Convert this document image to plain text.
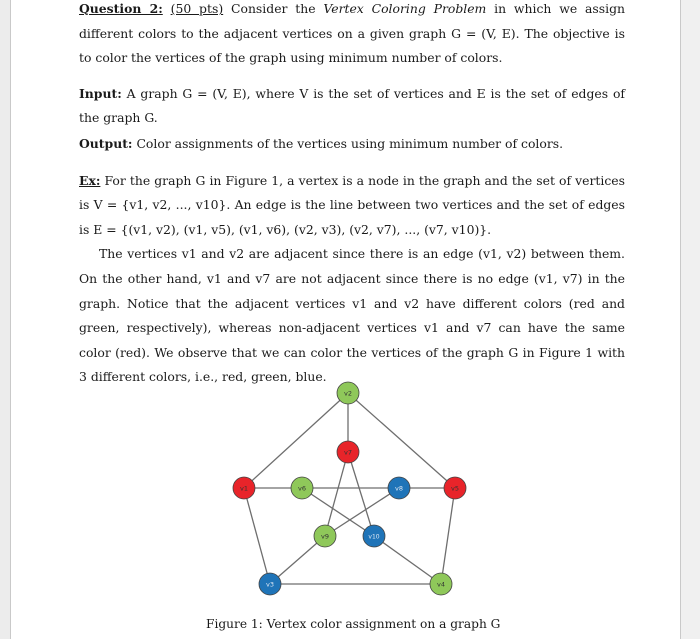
Question 2: (50 pts) Consider the Vertex Coloring Problem in which we assign different colors to the adjacent vertices on a given graph G = (V, E). The objective is to color the vertices of the graph using minimum number of colors.

Input: A graph G = (V, E), where V is the set of vertices and E is the set of edges of the graph G.

Output: Color assignments of the vertices using minimum number of colors.

Ex: For the graph G in Figure 1, a vertex is a node in the graph and the set of vertices is V = {v1, v2, ..., v10}. An edge is the line between two vertices and the set of edges is E = {(v1, v2), (v1, v5), (v1, v6), (v2, v3), (v2, v7), ..., (v7, v10)}.

The vertices v1 and v2 are adjacent since there is an edge (v1, v2) between them. On the other hand, v1 and v7 are not adjacent since there is no edge (v1, v7) in the graph. Notice that the adjacent vertices v1 and v2 have different colors (red and green, respectively), whereas non-adjacent vertices v1 and v7 can have the same color (red). We observe that we can color the vertices of the graph G in Figure 1 with 3 different colors, i.e., red, green, blue.

v1
v2
v3	v4
v5
v6
v7
v8
v9	v10
Figure 1: Vertex color assignment on a graph G
